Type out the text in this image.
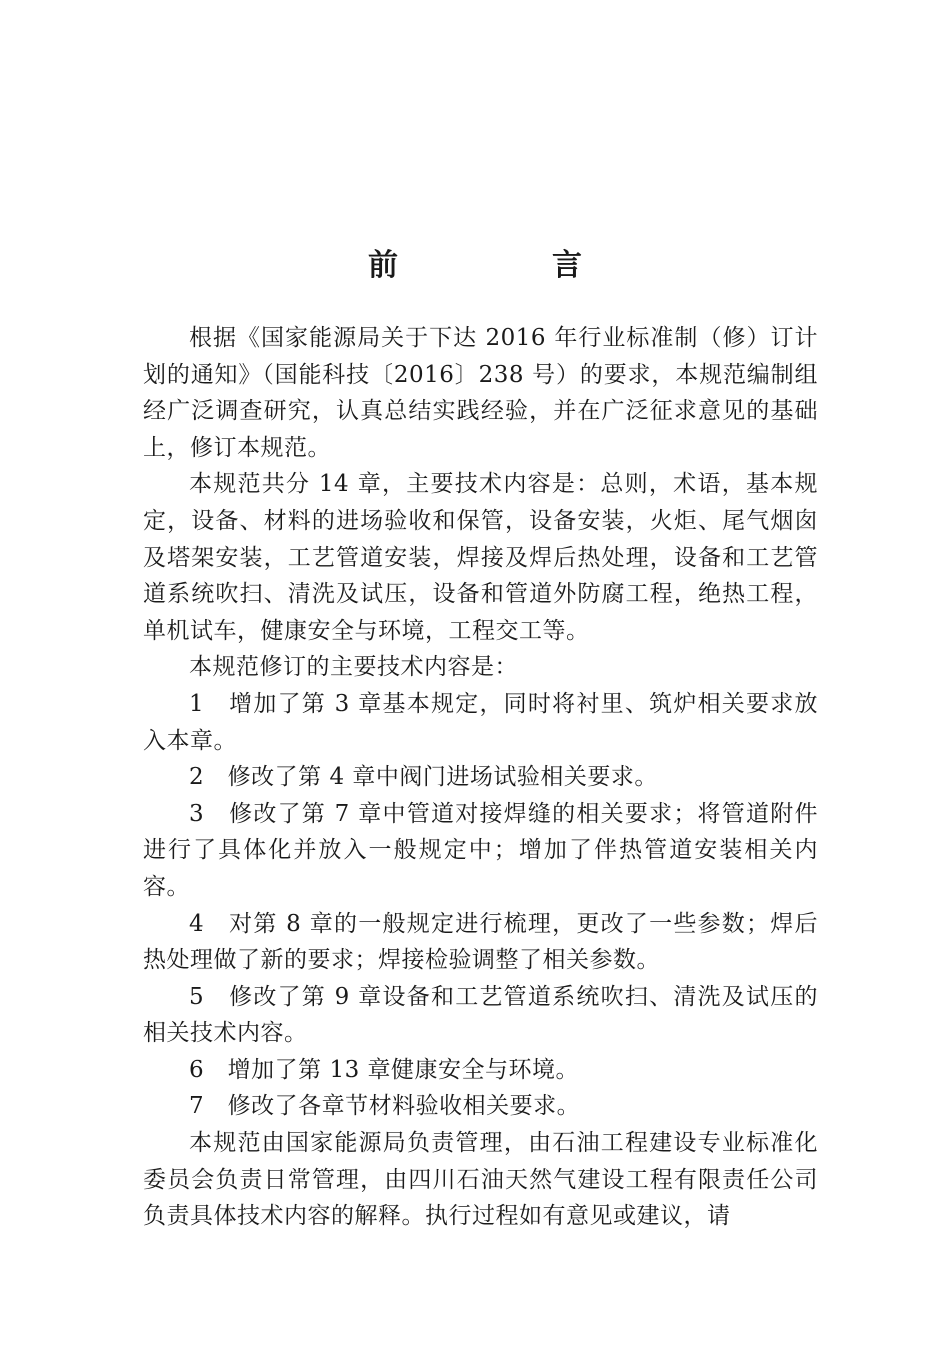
前　言

根据《国家能源局关于下达 2016 年行业标准制（修）订计划的通知》（国能科技〔2016〕238 号）的要求，本规范编制组经广泛调查研究，认真总结实践经验，并在广泛征求意见的基础上，修订本规范。

本规范共分 14 章，主要技术内容是：总则，术语，基本规定，设备、材料的进场验收和保管，设备安装，火炬、尾气烟囱及塔架安装，工艺管道安装，焊接及焊后热处理，设备和工艺管道系统吹扫、清洗及试压，设备和管道外防腐工程，绝热工程，单机试车，健康安全与环境，工程交工等。

本规范修订的主要技术内容是：

1　增加了第 3 章基本规定，同时将衬里、筑炉相关要求放入本章。

2　修改了第 4 章中阀门进场试验相关要求。

3　修改了第 7 章中管道对接焊缝的相关要求；将管道附件进行了具体化并放入一般规定中；增加了伴热管道安装相关内容。

4　对第 8 章的一般规定进行梳理，更改了一些参数；焊后热处理做了新的要求；焊接检验调整了相关参数。

5　修改了第 9 章设备和工艺管道系统吹扫、清洗及试压的相关技术内容。

6　增加了第 13 章健康安全与环境。

7　修改了各章节材料验收相关要求。

本规范由国家能源局负责管理，由石油工程建设专业标准化委员会负责日常管理，由四川石油天然气建设工程有限责任公司负责具体技术内容的解释。执行过程如有意见或建议，请
